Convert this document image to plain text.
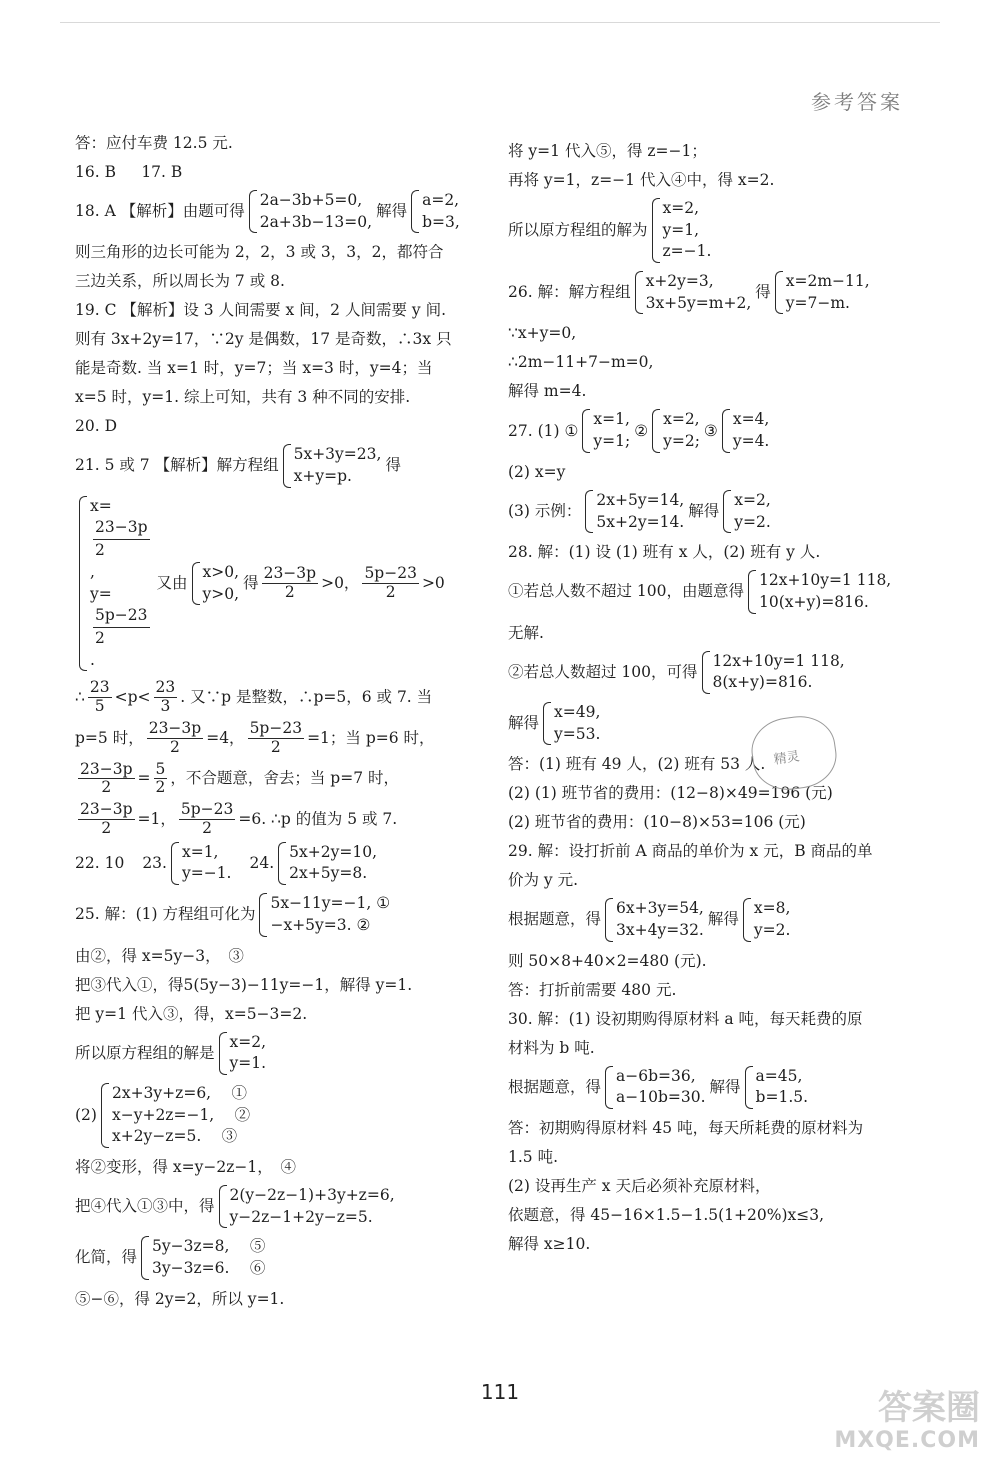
参考答案
答：应付车费 12.5 元.
16. B 　 17. B
18. A 【解析】由题可得
2a−3b+5=0,
2a+3b−13=0,
解得
a=2,
b=3,
则三角形的边长可能为 2，2，3 或 3，3，2，都符合
三边关系，所以周长为 7 或 8.
19. C 【解析】设 3 人间需要 x 间，2 人间需要 y 间.
则有 3x+2y=17，∵2y 是偶数，17 是奇数，∴3x 只
能是奇数. 当 x=1 时，y=7；当 x=3 时，y=4；当
x=5 时，y=1. 综上可知，共有 3 种不同的安排.
20. D
21. 5 或 7 【解析】解方程组
5x+3y=23,
x+y=p.
得
x=
23−3p
2
,
y=
5p−23
2
.
又由
x>0,
y>0,
得 $\frac{23-3p}{2} >0$， $\frac{5p-23}{2} >0$
∴ $\frac{23}{5} <p< \frac{23}{3}$ . 又∵p 是整数，∴p=5，6 或 7. 当
p=5 时， $\frac{23-3p}{2} =4$， $\frac{5p-23}{2} =1$；当 p=6 时，
$\frac{23-3p}{2} = \frac{5}{2}$ ，不合题意，舍去；当 p=7 时，
$\frac{23-3p}{2} =1$， $\frac{5p-23}{2} =6$. ∴p 的值为 5 或 7.
22. 10 23.
x=1,
y=−1.
24.
5x+2y=10,
2x+5y=8.
25. 解：(1) 方程组可化为
5x−11y=−1, ①
−x+5y=3. ②
由②，得 x=5y−3，　③
把③代入①，得5(5y−3)−11y=−1，解得 y=1.
把 y=1 代入③，得，x=5−3=2.
所以原方程组的解是
x=2,
y=1.
(2)
2x+3y+z=6, 　①
x−y+2z=−1, 　②
x+2y−z=5. 　③
将②变形，得 x=y−2z−1，　④
把④代入①③中，得
2(y−2z−1)+3y+z=6,
y−2z−1+2y−z=5.
化简，得
5y−3z=8, 　⑤
3y−3z=6. 　⑥
⑤−⑥，得 2y=2，所以 y=1.
将 y=1 代入⑤，得 z=−1；
再将 y=1，z=−1 代入④中，得 x=2.
所以原方程组的解为
x=2,
y=1,
z=−1.
26. 解：解方程组
x+2y=3,
3x+5y=m+2,
得
x=2m−11,
y=7−m.
∵x+y=0,
∴2m−11+7−m=0,
解得 m=4.
27. (1) ①
x=1,
y=1;
②
x=2,
y=2;
③
x=4,
y=4.
(2) x=y
(3) 示例：
2x+5y=14,
5x+2y=14.
解得
x=2,
y=2.
28. 解：(1) 设 (1) 班有 x 人，(2) 班有 y 人.
①若总人数不超过 100，由题意得
12x+10y=1 118,
10(x+y)=816.
无解.
②若总人数超过 100，可得
12x+10y=1 118,
8(x+y)=816.
解得
x=49,
y=53.
答：(1) 班有 49 人，(2) 班有 53 人.
(2) (1) 班节省的费用：(12−8)×49=196 (元)
(2) 班节省的费用：(10−8)×53=106 (元)
29. 解：设打折前 A 商品的单价为 x 元，B 商品的单
价为 y 元.
根据题意，得
6x+3y=54,
3x+4y=32.
解得
x=8,
y=2.
则 50×8+40×2=480 (元).
答：打折前需要 480 元.
30. 解：(1) 设初期购得原材料 a 吨，每天耗费的原
材料为 b 吨.
根据题意，得
a−6b=36,
a−10b=30.
解得
a=45,
b=1.5.
答：初期购得原材料 45 吨，每天所耗费的原材料为
1.5 吨.
(2) 设再生产 x 天后必须补充原材料，
依题意，得 45−16×1.5−1.5(1+20%)x≤3,
解得 x≥10.
精灵
111	答案圈
MXQE.COM
